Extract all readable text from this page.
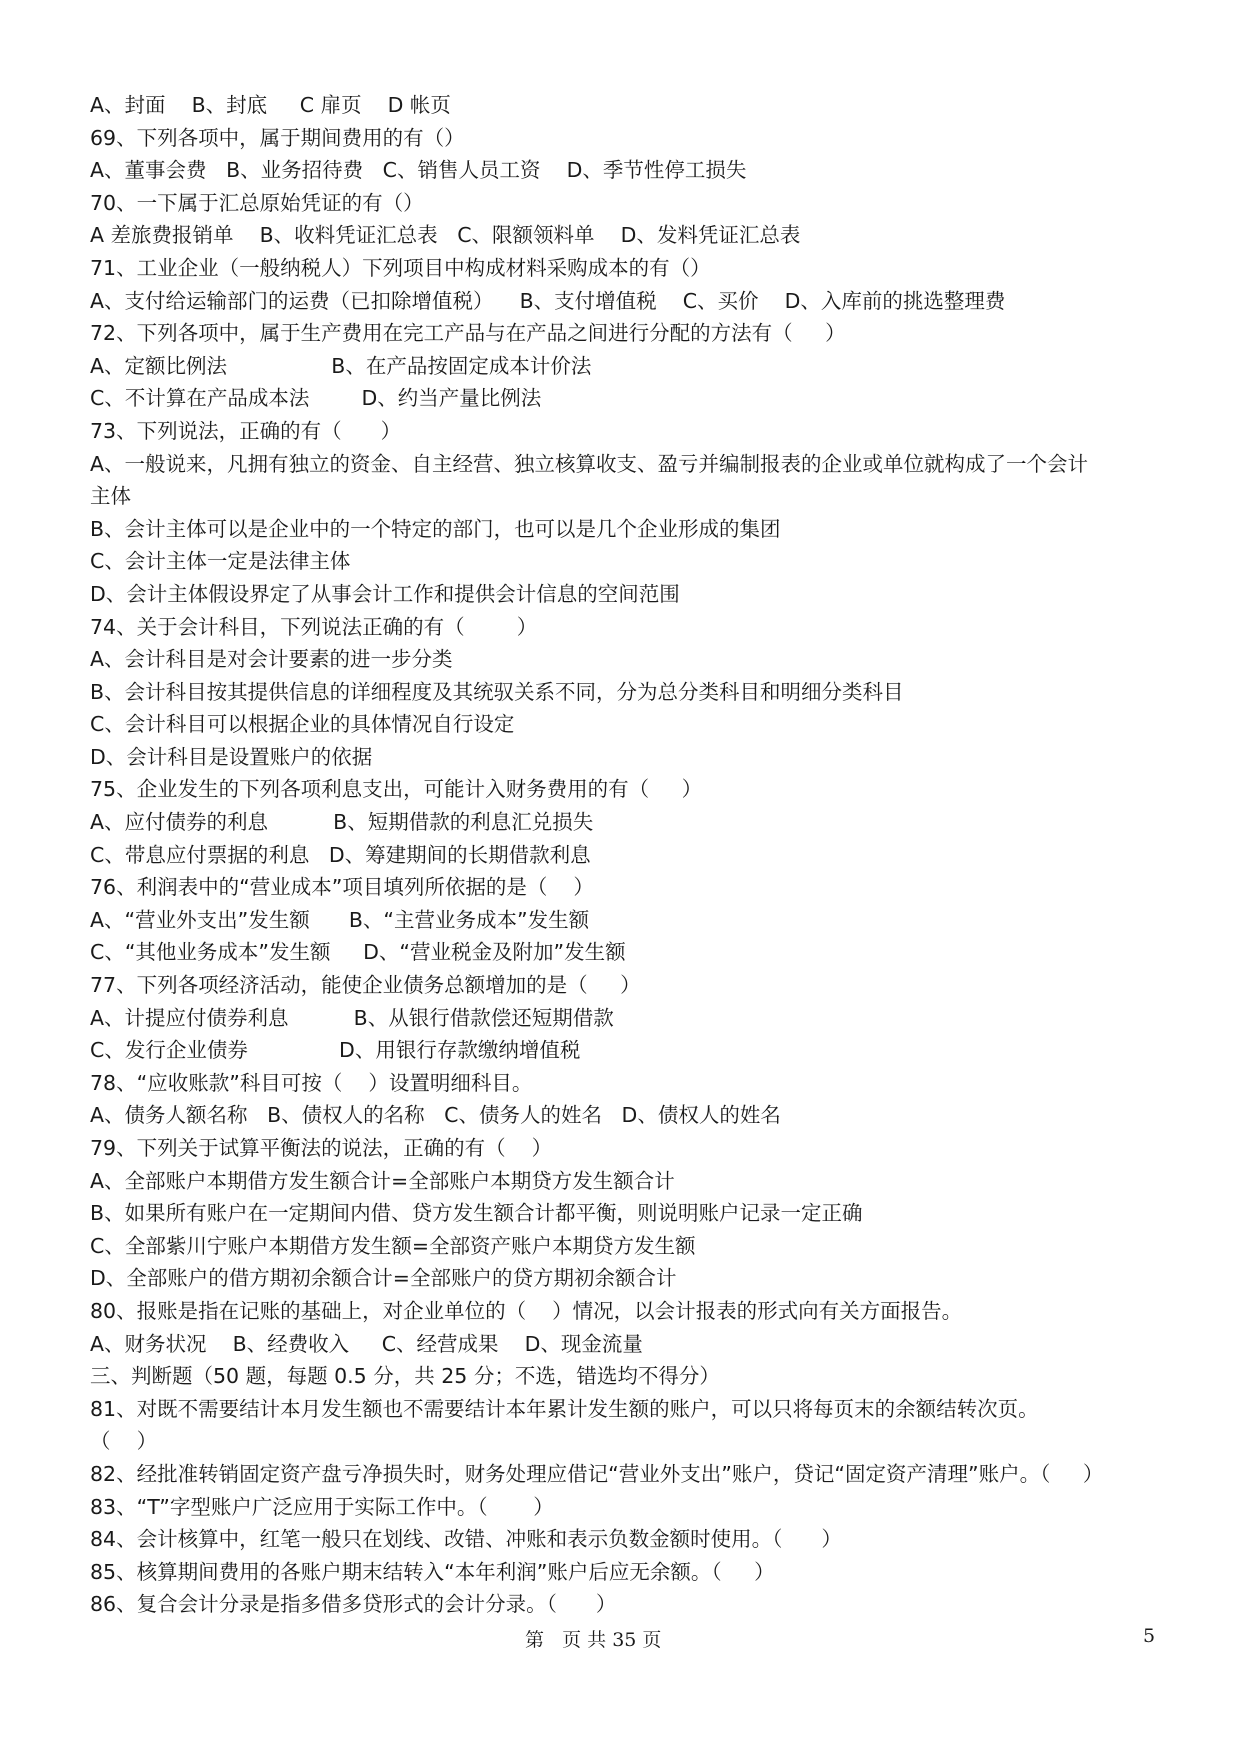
A、封面    B、封底     C 扉页    D 帐页
69、下列各项中，属于期间费用的有（）
A、董事会费   B、业务招待费   C、销售人员工资    D、季节性停工损失
70、一下属于汇总原始凭证的有（）
A 差旅费报销单    B、收料凭证汇总表   C、限额领料单    D、发料凭证汇总表
71、工业企业（一般纳税人）下列项目中构成材料采购成本的有（）
A、支付给运输部门的运费（已扣除增值税）    B、支付增值税    C、买价    D、入库前的挑选整理费
72、下列各项中，属于生产费用在完工产品与在产品之间进行分配的方法有（     ）
A、定额比例法                B、在产品按固定成本计价法
C、不计算在产品成本法        D、约当产量比例法
73、下列说法，正确的有（      ）
A、一般说来，凡拥有独立的资金、自主经营、独立核算收支、盈亏并编制报表的企业或单位就构成了一个会计
主体
B、会计主体可以是企业中的一个特定的部门，也可以是几个企业形成的集团
C、会计主体一定是法律主体
D、会计主体假设界定了从事会计工作和提供会计信息的空间范围
74、关于会计科目，下列说法正确的有（        ）
A、会计科目是对会计要素的进一步分类
B、会计科目按其提供信息的详细程度及其统驭关系不同，分为总分类科目和明细分类科目
C、会计科目可以根据企业的具体情况自行设定
D、会计科目是设置账户的依据
75、企业发生的下列各项利息支出，可能计入财务费用的有（     ）
A、应付债券的利息          B、短期借款的利息汇兑损失
C、带息应付票据的利息   D、筹建期间的长期借款利息
76、利润表中的“营业成本”项目填列所依据的是（    ）
A、“营业外支出”发生额      B、“主营业务成本”发生额
C、“其他业务成本”发生额     D、“营业税金及附加”发生额
77、下列各项经济活动，能使企业债务总额增加的是（     ）
A、计提应付债券利息          B、从银行借款偿还短期借款
C、发行企业债券              D、用银行存款缴纳增值税
78、“应收账款”科目可按（    ）设置明细科目。
A、债务人额名称   B、债权人的名称   C、债务人的姓名   D、债权人的姓名
79、下列关于试算平衡法的说法，正确的有（    ）
A、全部账户本期借方发生额合计=全部账户本期贷方发生额合计
B、如果所有账户在一定期间内借、贷方发生额合计都平衡，则说明账户记录一定正确
C、全部紫川宁账户本期借方发生额=全部资产账户本期贷方发生额
D、全部账户的借方期初余额合计=全部账户的贷方期初余额合计
80、报账是指在记账的基础上，对企业单位的（    ）情况，以会计报表的形式向有关方面报告。
A、财务状况    B、经费收入     C、经营成果    D、现金流量
三、判断题（50 题，每题 0.5 分，共 25 分；不选，错选均不得分）
81、对既不需要结计本月发生额也不需要结计本年累计发生额的账户，可以只将每页末的余额结转次页。
（    ）
82、经批准转销固定资产盘亏净损失时，财务处理应借记“营业外支出”账户，贷记“固定资产清理”账户。（     ）
83、“T”字型账户广泛应用于实际工作中。（       ）
84、会计核算中，红笔一般只在划线、改错、冲账和表示负数金额时使用。（      ）
85、核算期间费用的各账户期末结转入“本年利润”账户后应无余额。（     ）
86、复合会计分录是指多借多贷形式的会计分录。（      ）
第   页 共 35 页	5
